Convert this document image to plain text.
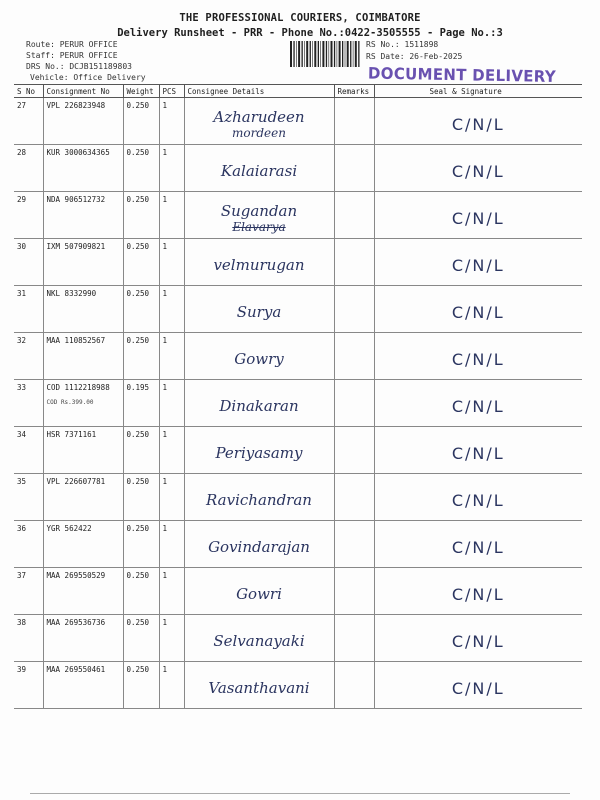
THE PROFESSIONAL COURIERS, COIMBATORE
Delivery Runsheet - PRR - Phone No.:0422-3505555 - Page No.:3
Route: PERUR OFFICE
Staff: PERUR OFFICE
DRS No.: DCJB151189803
Vehicle: Office Delivery
RS No.: 1511898
RS Date: 26-Feb-2025
DOCUMENT DELIVERY
S No	Consignment No	Weight	PCS	Consignee Details	Remarks	Seal & Signature
27	VPL 226823948	0.250	1	Azharudeen
mordeen		C/N/L
28	KUR 3000634365	0.250	1	Kalaiarasi		C/N/L
29	NDA 906512732	0.250	1	Sugandan
Elavarya		C/N/L
30	IXM 507909821	0.250	1	velmurugan		C/N/L
31	NKL 8332990	0.250	1	Surya		C/N/L
32	MAA 110852567	0.250	1	Gowry		C/N/L
33	COD 1112218988
COD Rs.399.00	0.195	1	Dinakaran		C/N/L
34	HSR 7371161	0.250	1	Periyasamy		C/N/L
35	VPL 226607781	0.250	1	Ravichandran		C/N/L
36	YGR 562422	0.250	1	Govindarajan		C/N/L
37	MAA 269550529	0.250	1	Gowri		C/N/L
38	MAA 269536736	0.250	1	Selvanayaki		C/N/L
39	MAA 269550461	0.250	1	Vasanthavani		C/N/L
